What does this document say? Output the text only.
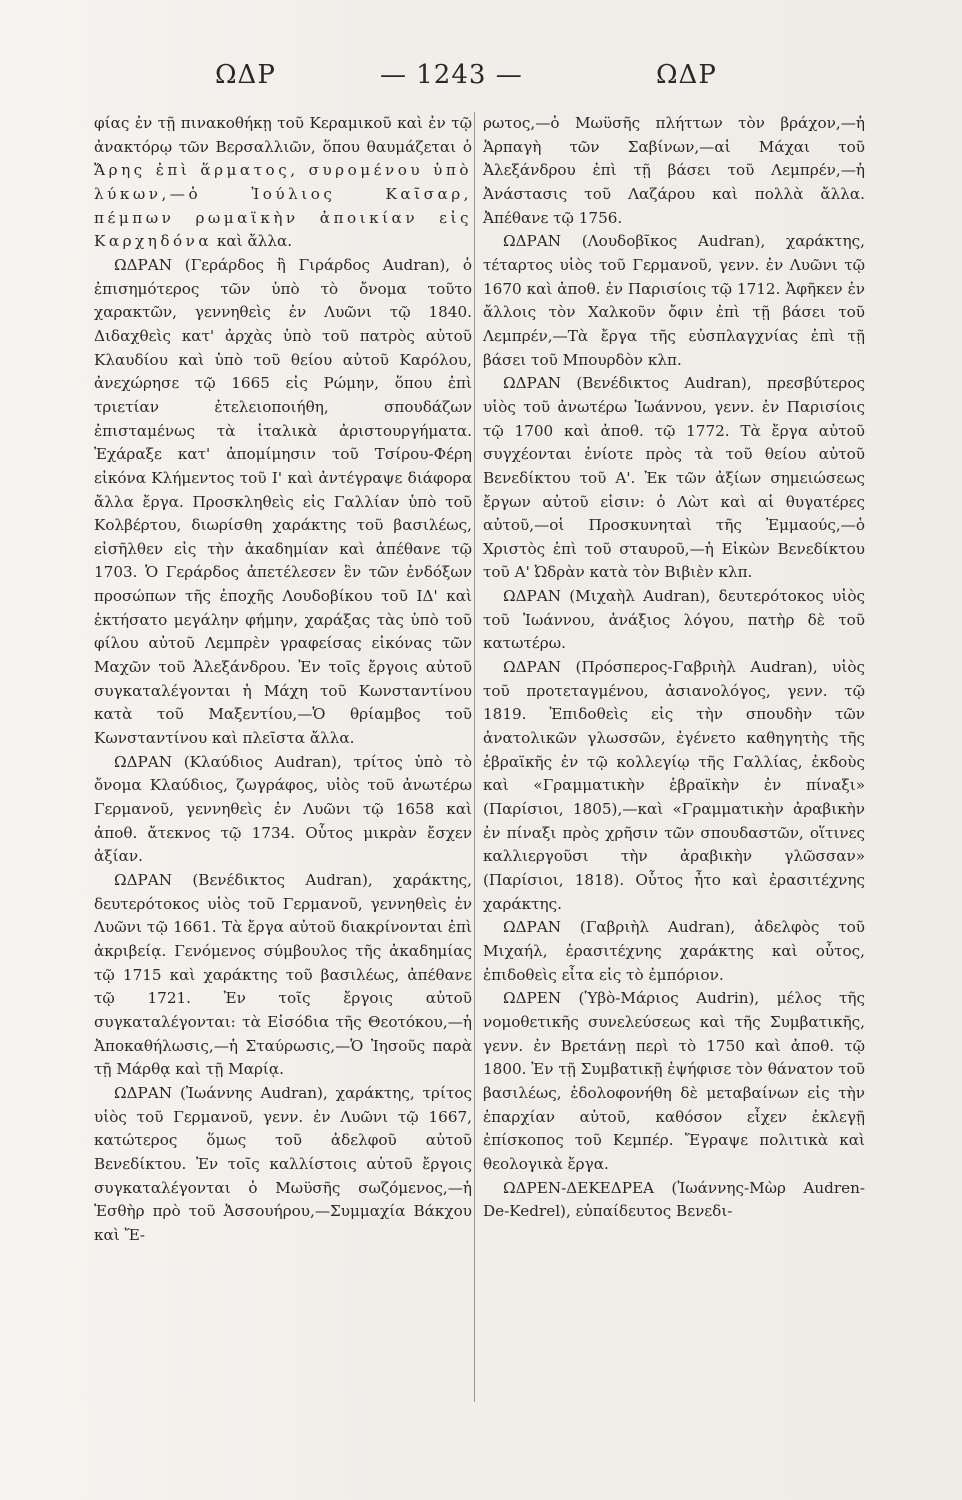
ΩΔΡ	— 1243 —	ΩΔΡ

φίας ἐν τῇ πινακοθήκῃ τοῦ Κεραμικοῦ καὶ ἐν τῷ ἀνακτόρῳ τῶν Βερσαλλιῶν, ὅπου θαυμάζεται ὁ Ἄρης ἐπὶ ἅρματος, συρομένου ὑπὸ λύκων,—ὁ Ἰούλιος Καῖσαρ, πέμπων ρωμαϊκὴν ἀποικίαν εἰς Καρχηδόνα καὶ ἄλλα.

ΩΔΡΑΝ (Γεράρδος ἢ Γιράρδος Audran), ὁ ἐπισημότερος τῶν ὑπὸ τὸ ὄνομα τοῦτο χαρακτῶν, γεννηθεὶς ἐν Λυῶνι τῷ 1840. Διδαχθεὶς κατ' ἀρχὰς ὑπὸ τοῦ πατρὸς αὐτοῦ Κλαυδίου καὶ ὑπὸ τοῦ θείου αὐτοῦ Καρόλου, ἀνεχώρησε τῷ 1665 εἰς Ρώμην, ὅπου ἐπὶ τριετίαν ἐτελειοποιήθη, σπουδάζων ἐπισταμένως τὰ ἰταλικὰ ἀριστουργήματα. Ἐχάραξε κατ' ἀπομίμησιν τοῦ Τσίρου-Φέρη εἰκόνα Κλήμεντος τοῦ Ι' καὶ ἀντέγραψε διάφορα ἄλλα ἔργα. Προσκληθεὶς εἰς Γαλλίαν ὑπὸ τοῦ Κολβέρτου, διωρίσθη χαράκτης τοῦ βασιλέως, εἰσῆλθεν εἰς τὴν ἀκαδημίαν καὶ ἀπέθανε τῷ 1703. Ὁ Γεράρδος ἀπετέλεσεν ἓν τῶν ἐνδόξων προσώπων τῆς ἐποχῆς Λουδοβίκου τοῦ ΙΔ' καὶ ἐκτήσατο μεγάλην φήμην, χαράξας τὰς ὑπὸ τοῦ φίλου αὐτοῦ Λεμπρὲν γραφείσας εἰκόνας τῶν Μαχῶν τοῦ Ἀλεξάνδρου. Ἐν τοῖς ἔργοις αὐτοῦ συγκαταλέγονται ἡ Μάχη τοῦ Κωνσταντίνου κατὰ τοῦ Μαξεντίου,—Ὁ θρίαμβος τοῦ Κωνσταντίνου καὶ πλεῖστα ἄλλα.

ΩΔΡΑΝ (Κλαύδιος Audran), τρίτος ὑπὸ τὸ ὄνομα Κλαύδιος, ζωγράφος, υἱὸς τοῦ ἀνωτέρω Γερμανοῦ, γεννηθεὶς ἐν Λυῶνι τῷ 1658 καὶ ἀποθ. ἄτεκνος τῷ 1734. Οὗτος μικρὰν ἔσχεν ἀξίαν.

ΩΔΡΑΝ (Βενέδικτος Audran), χαράκτης, δευτερότοκος υἱὸς τοῦ Γερμανοῦ, γεννηθεὶς ἐν Λυῶνι τῷ 1661. Τὰ ἔργα αὐτοῦ διακρίνονται ἐπὶ ἀκριβείᾳ. Γενόμενος σύμβουλος τῆς ἀκαδημίας τῷ 1715 καὶ χαράκτης τοῦ βασιλέως, ἀπέθανε τῷ 1721. Ἐν τοῖς ἔργοις αὐτοῦ συγκαταλέγονται: τὰ Εἰσόδια τῆς Θεοτόκου,—ἡ Ἀποκαθήλωσις,—ἡ Σταύρωσις,—Ὁ Ἰησοῦς παρὰ τῇ Μάρθᾳ καὶ τῇ Μαρίᾳ.

ΩΔΡΑΝ (Ἰωάννης Audran), χαράκτης, τρίτος υἱὸς τοῦ Γερμανοῦ, γενν. ἐν Λυῶνι τῷ 1667, κατώτερος ὅμως τοῦ ἀδελφοῦ αὐτοῦ Βενεδίκτου. Ἐν τοῖς καλλίστοις αὐτοῦ ἔργοις συγκαταλέγονται ὁ Μωϋσῆς σωζόμενος,—ἡ Ἐσθὴρ πρὸ τοῦ Ἀσσουήρου,—Συμμαχία Βάκχου καὶ Ἔ-

ρωτος,—ὁ Μωϋσῆς πλήττων τὸν βράχον,—ἡ Ἁρπαγὴ τῶν Σαβίνων,—αἱ Μάχαι τοῦ Ἀλεξάνδρου ἐπὶ τῇ βάσει τοῦ Λεμπρέν,—ἡ Ἀνάστασις τοῦ Λαζάρου καὶ πολλὰ ἄλλα. Ἀπέθανε τῷ 1756.

ΩΔΡΑΝ (Λουδοβῖκος Audran), χαράκτης, τέταρτος υἱὸς τοῦ Γερμανοῦ, γενν. ἐν Λυῶνι τῷ 1670 καὶ ἀποθ. ἐν Παρισίοις τῷ 1712. Ἀφῆκεν ἐν ἄλλοις τὸν Χαλκοῦν ὄφιν ἐπὶ τῇ βάσει τοῦ Λεμπρέν,—Τὰ ἔργα τῆς εὐσπλαγχνίας ἐπὶ τῇ βάσει τοῦ Μπουρδὸν κλπ.

ΩΔΡΑΝ (Βενέδικτος Audran), πρεσβύτερος υἱὸς τοῦ ἀνωτέρω Ἰωάννου, γενν. ἐν Παρισίοις τῷ 1700 καὶ ἀποθ. τῷ 1772. Τὰ ἔργα αὐτοῦ συγχέονται ἐνίοτε πρὸς τὰ τοῦ θείου αὐτοῦ Βενεδίκτου τοῦ Α'. Ἐκ τῶν ἀξίων σημειώσεως ἔργων αὐτοῦ εἰσιν: ὁ Λὼτ καὶ αἱ θυγατέρες αὐτοῦ,—οἱ Προσκυνηταὶ τῆς Ἐμμαούς,—ὁ Χριστὸς ἐπὶ τοῦ σταυροῦ,—ἡ Εἰκὼν Βενεδίκτου τοῦ Α' Ὠδρὰν κατὰ τὸν Βιβιὲν κλπ.

ΩΔΡΑΝ (Μιχαὴλ Audran), δευτερότοκος υἱὸς τοῦ Ἰωάννου, ἀνάξιος λόγου, πατὴρ δὲ τοῦ κατωτέρω.

ΩΔΡΑΝ (Πρόσπερος-Γαβριὴλ Audran), υἱὸς τοῦ προτεταγμένου, ἀσιανολόγος, γενν. τῷ 1819. Ἐπιδοθεὶς εἰς τὴν σπουδὴν τῶν ἀνατολικῶν γλωσσῶν, ἐγένετο καθηγητὴς τῆς ἑβραϊκῆς ἐν τῷ κολλεγίῳ τῆς Γαλλίας, ἐκδοὺς καὶ «Γραμματικὴν ἑβραϊκὴν ἐν πίναξι» (Παρίσιοι, 1805),—καὶ «Γραμματικὴν ἀραβικὴν ἐν πίναξι πρὸς χρῆσιν τῶν σπουδαστῶν, οἵτινες καλλιεργοῦσι τὴν ἀραβικὴν γλῶσσαν» (Παρίσιοι, 1818). Οὗτος ἦτο καὶ ἐρασιτέχνης χαράκτης.

ΩΔΡΑΝ (Γαβριὴλ Audran), ἀδελφὸς τοῦ Μιχαήλ, ἐρασιτέχνης χαράκτης καὶ οὗτος, ἐπιδοθεὶς εἶτα εἰς τὸ ἐμπόριον.

ΩΔΡΕΝ (Ὑβὸ-Μάριος Audrin), μέλος τῆς νομοθετικῆς συνελεύσεως καὶ τῆς Συμβατικῆς, γενν. ἐν Βρετάνῃ περὶ τὸ 1750 καὶ ἀποθ. τῷ 1800. Ἐν τῇ Συμβατικῇ ἐψήφισε τὸν θάνατον τοῦ βασιλέως, ἐδολοφονήθη δὲ μεταβαίνων εἰς τὴν ἐπαρχίαν αὐτοῦ, καθόσον εἶχεν ἐκλεγῇ ἐπίσκοπος τοῦ Κεμπέρ. Ἔγραψε πολιτικὰ καὶ θεολογικὰ ἔργα.

ΩΔΡΕΝ-ΔΕΚΕΔΡΕΑ (Ἰωάννης-Μὼρ Audren-De-Kedrel), εὐπαίδευτος Βενεδι-
